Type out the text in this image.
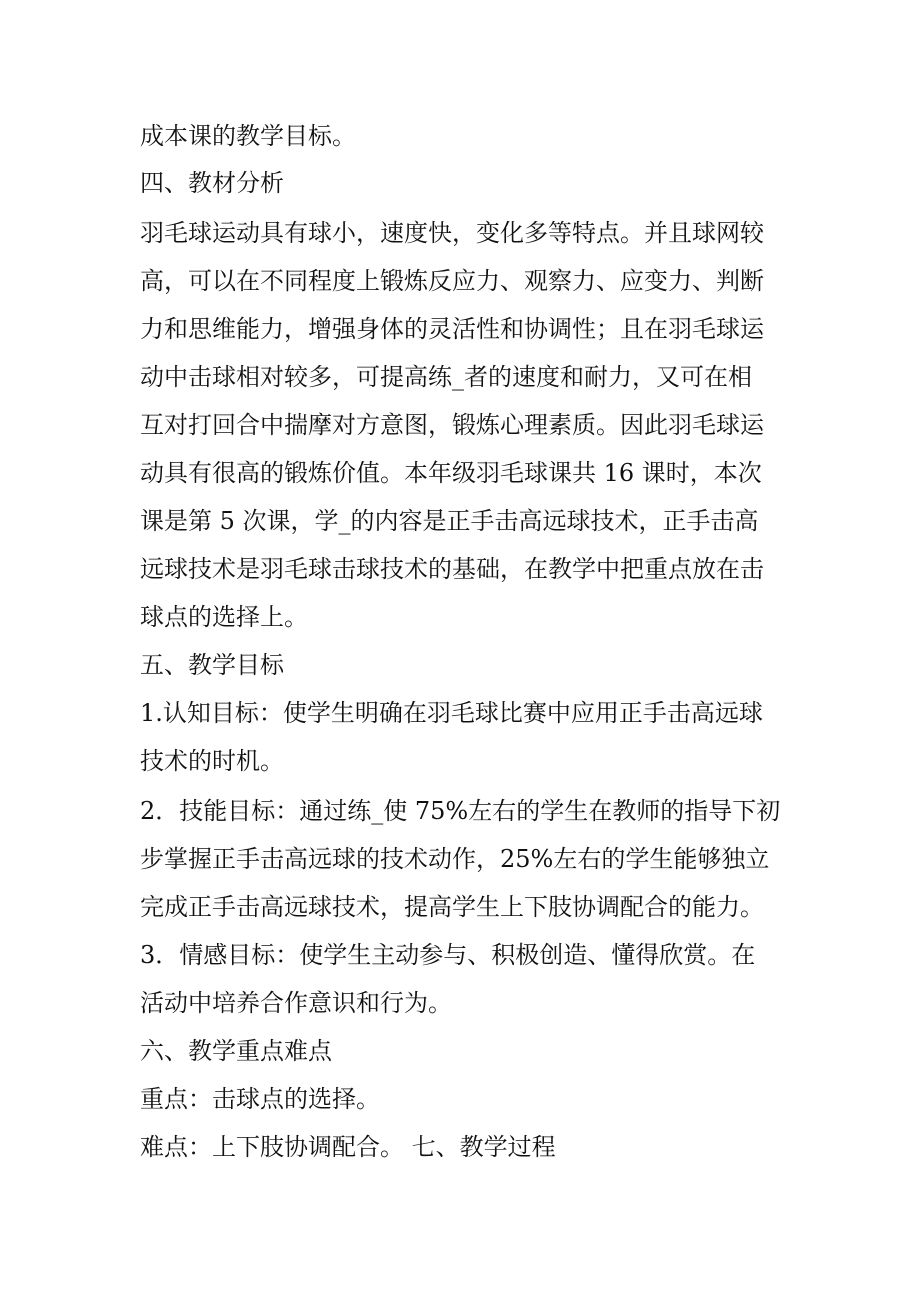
成本课的教学目标。
四、教材分析
羽毛球运动具有球小，速度快，变化多等特点。并且球网较
高，可以在不同程度上锻炼反应力、观察力、应变力、判断
力和思维能力，增强身体的灵活性和协调性；且在羽毛球运
动中击球相对较多，可提高练_者的速度和耐力，又可在相
互对打回合中揣摩对方意图，锻炼心理素质。因此羽毛球运
动具有很高的锻炼价值。本年级羽毛球课共 16 课时，本次
课是第 5 次课，学_的内容是正手击高远球技术，正手击高
远球技术是羽毛球击球技术的基础，在教学中把重点放在击
球点的选择上。
五、教学目标
1.认知目标：使学生明确在羽毛球比赛中应用正手击高远球
技术的时机。
2．技能目标：通过练_使 75%左右的学生在教师的指导下初
步掌握正手击高远球的技术动作，25%左右的学生能够独立
完成正手击高远球技术，提高学生上下肢协调配合的能力。
3．情感目标：使学生主动参与、积极创造、懂得欣赏。在
活动中培养合作意识和行为。
六、教学重点难点
重点：击球点的选择。
难点：上下肢协调配合。 七、教学过程
